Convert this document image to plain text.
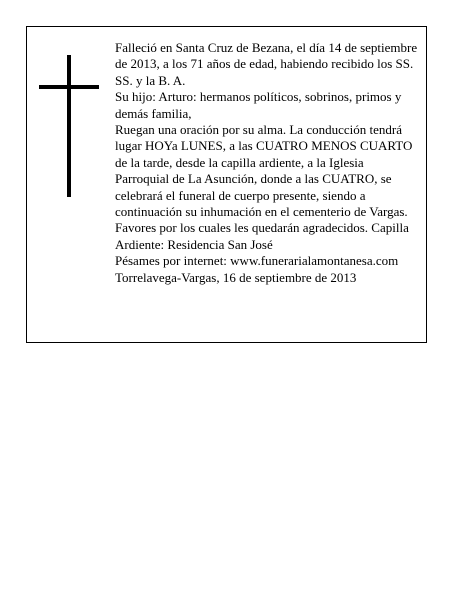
Falleció en Santa Cruz de Bezana, el día 14 de septiembre de 2013, a los 71 años de edad, habiendo recibido los SS. SS. y la B. A.

Su hijo: Arturo: hermanos políticos, sobrinos, primos y demás familia,

Ruegan una oración por su alma. La conducción tendrá lugar HOYa LUNES, a las CUATRO MENOS CUARTO de la tarde, desde la capilla ardiente, a la Iglesia Parroquial de La Asunción, donde a las CUATRO, se celebrará el funeral de cuerpo presente, siendo a continuación su inhumación en el cementerio de Vargas. Favores por los cuales les quedarán agradecidos. Capilla Ardiente: Residencia San José

Pésames por internet: www.funerarialamontanesa.com

Torrelavega-Vargas, 16 de septiembre de 2013
